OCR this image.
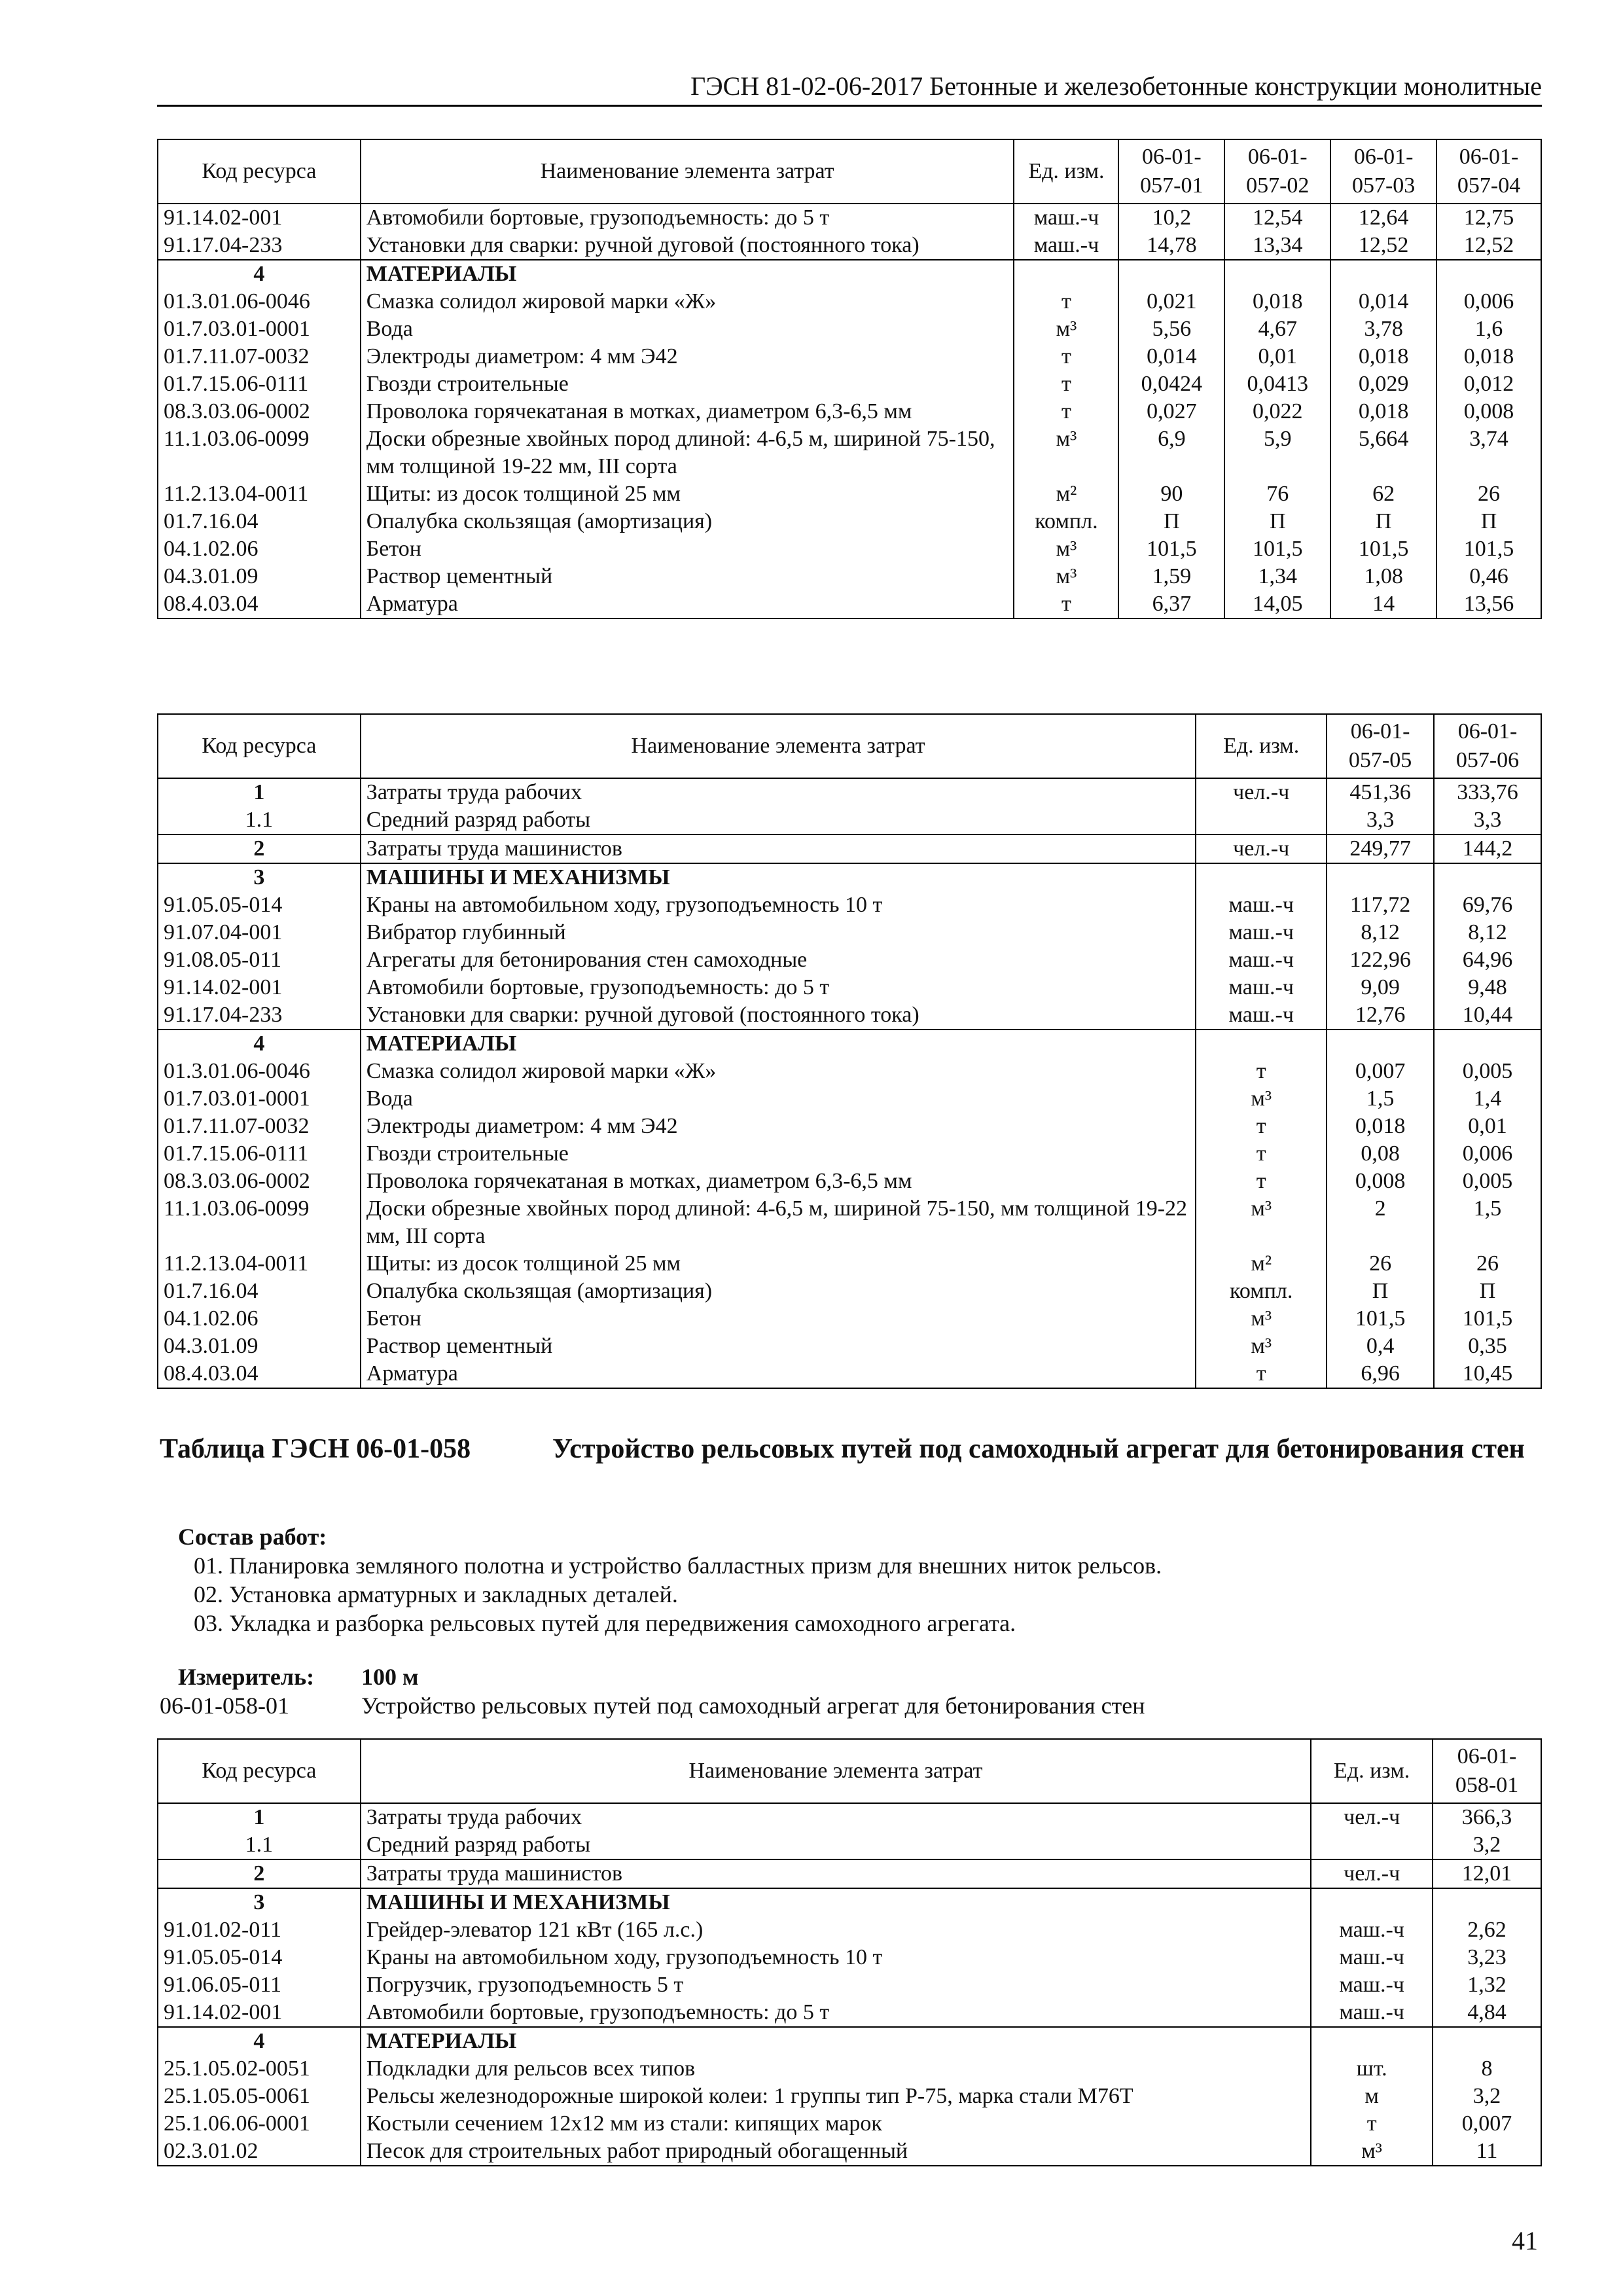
ГЭСН 81-02-06-2017 Бетонные и железобетонные конструкции монолитные
Код ресурса	Наименование элемента затрат	Ед. изм.	06-01-057-01	06-01-057-02	06-01-057-03	06-01-057-04
91.14.02-001	Автомобили бортовые, грузоподъемность: до 5 т	маш.-ч	10,2	12,54	12,64	12,75
91.17.04-233	Установки для сварки: ручной дуговой (постоянного тока)	маш.-ч	14,78	13,34	12,52	12,52
4	МАТЕРИАЛЫ					
01.3.01.06-0046	Смазка солидол жировой марки «Ж»	т	0,021	0,018	0,014	0,006
01.7.03.01-0001	Вода	м³	5,56	4,67	3,78	1,6
01.7.11.07-0032	Электроды диаметром: 4 мм Э42	т	0,014	0,01	0,018	0,018
01.7.15.06-0111	Гвозди строительные	т	0,0424	0,0413	0,029	0,012
08.3.03.06-0002	Проволока горячекатаная в мотках, диаметром 6,3-6,5 мм	т	0,027	0,022	0,018	0,008
11.1.03.06-0099	Доски обрезные хвойных пород длиной: 4-6,5 м, шириной 75-150, мм толщиной 19-22 мм, III сорта	м³	6,9	5,9	5,664	3,74
11.2.13.04-0011	Щиты: из досок толщиной 25 мм	м²	90	76	62	26
01.7.16.04	Опалубка скользящая (амортизация)	компл.	П	П	П	П
04.1.02.06	Бетон	м³	101,5	101,5	101,5	101,5
04.3.01.09	Раствор цементный	м³	1,59	1,34	1,08	0,46
08.4.03.04	Арматура	т	6,37	14,05	14	13,56
Код ресурса	Наименование элемента затрат	Ед. изм.	06-01-057-05	06-01-057-06
1	Затраты труда рабочих	чел.-ч	451,36	333,76
1.1	Средний разряд работы		3,3	3,3
2	Затраты труда машинистов	чел.-ч	249,77	144,2
3	МАШИНЫ И МЕХАНИЗМЫ			
91.05.05-014	Краны на автомобильном ходу, грузоподъемность 10 т	маш.-ч	117,72	69,76
91.07.04-001	Вибратор глубинный	маш.-ч	8,12	8,12
91.08.05-011	Агрегаты для бетонирования стен самоходные	маш.-ч	122,96	64,96
91.14.02-001	Автомобили бортовые, грузоподъемность: до 5 т	маш.-ч	9,09	9,48
91.17.04-233	Установки для сварки: ручной дуговой (постоянного тока)	маш.-ч	12,76	10,44
4	МАТЕРИАЛЫ			
01.3.01.06-0046	Смазка солидол жировой марки «Ж»	т	0,007	0,005
01.7.03.01-0001	Вода	м³	1,5	1,4
01.7.11.07-0032	Электроды диаметром: 4 мм Э42	т	0,018	0,01
01.7.15.06-0111	Гвозди строительные	т	0,08	0,006
08.3.03.06-0002	Проволока горячекатаная в мотках, диаметром 6,3-6,5 мм	т	0,008	0,005
11.1.03.06-0099	Доски обрезные хвойных пород длиной: 4-6,5 м, шириной 75-150, мм толщиной 19-22 мм, III сорта	м³	2	1,5
11.2.13.04-0011	Щиты: из досок толщиной 25 мм	м²	26	26
01.7.16.04	Опалубка скользящая (амортизация)	компл.	П	П
04.1.02.06	Бетон	м³	101,5	101,5
04.3.01.09	Раствор цементный	м³	0,4	0,35
08.4.03.04	Арматура	т	6,96	10,45
Таблица ГЭСН 06-01-058	Устройство рельсовых путей под самоходный агрегат для бетонирования стен
Состав работ:
01. Планировка земляного полотна и устройство балластных призм для внешних ниток рельсов.
02. Установка арматурных и закладных деталей.
03. Укладка и разборка рельсовых путей для передвижения самоходного агрегата.
Измеритель: 100 м
06-01-058-01	Устройство рельсовых путей под самоходный агрегат для бетонирования стен
Код ресурса	Наименование элемента затрат	Ед. изм.	06-01-058-01
1	Затраты труда рабочих	чел.-ч	366,3
1.1	Средний разряд работы		3,2
2	Затраты труда машинистов	чел.-ч	12,01
3	МАШИНЫ И МЕХАНИЗМЫ		
91.01.02-011	Грейдер-элеватор 121 кВт (165 л.с.)	маш.-ч	2,62
91.05.05-014	Краны на автомобильном ходу, грузоподъемность 10 т	маш.-ч	3,23
91.06.05-011	Погрузчик, грузоподъемность 5 т	маш.-ч	1,32
91.14.02-001	Автомобили бортовые, грузоподъемность: до 5 т	маш.-ч	4,84
4	МАТЕРИАЛЫ		
25.1.05.02-0051	Подкладки для рельсов всех типов	шт.	8
25.1.05.05-0061	Рельсы железнодорожные широкой колеи: 1 группы тип Р-75, марка стали М76Т	м	3,2
25.1.06.06-0001	Костыли сечением 12х12 мм из стали: кипящих марок	т	0,007
02.3.01.02	Песок для строительных работ природный обогащенный	м³	11
41
